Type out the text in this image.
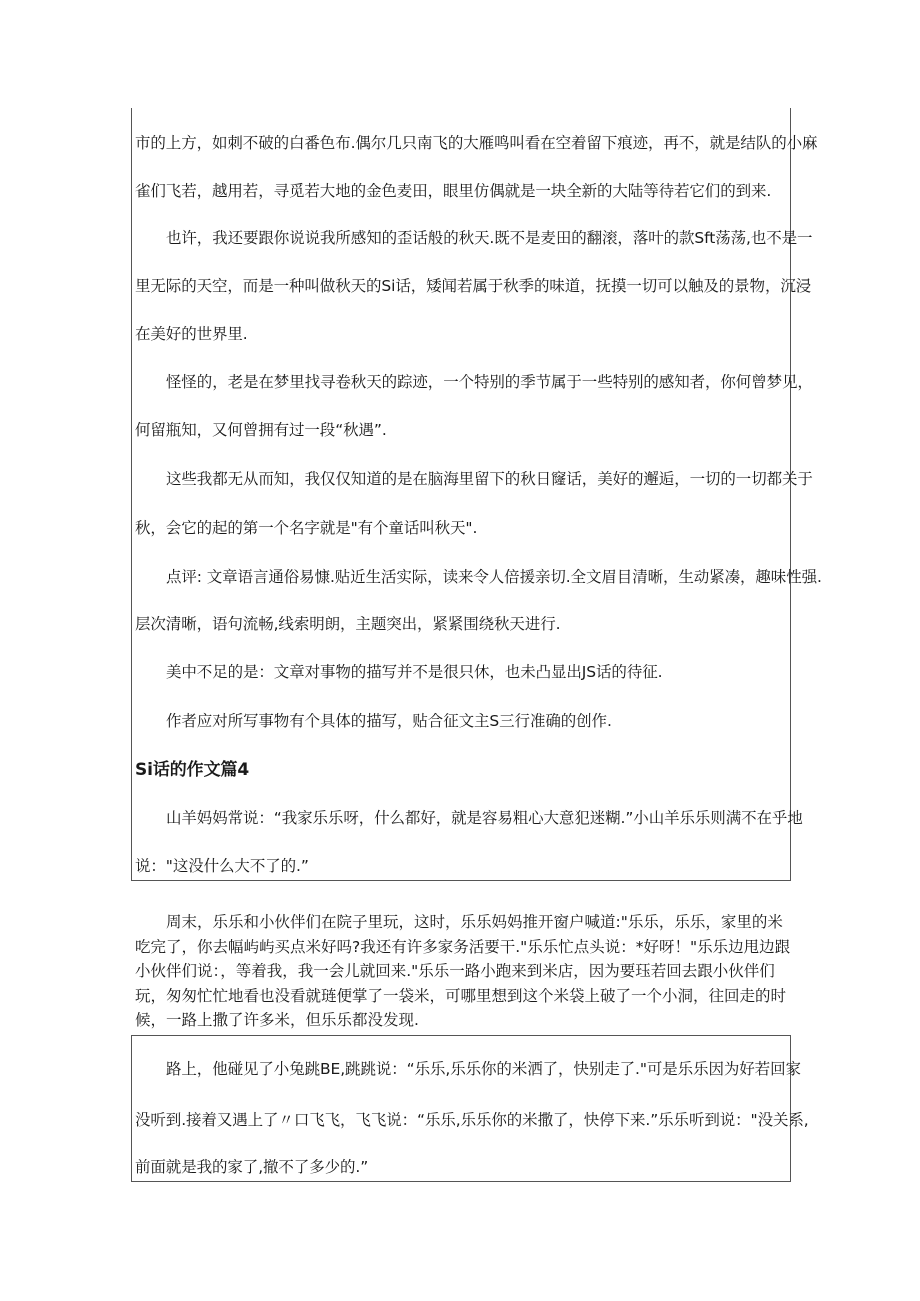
市的上方，如刺不破的白番色布.偶尔几只南飞的大雁鸣叫看在空着留下痕迹，再不，就是结队的小麻
雀们飞若，越用若，寻觅若大地的金色麦田，眼里仿偶就是一块全新的大陆等待若它们的到来.
也许，我还要跟你说说我所感知的歪话般的秋天.既不是麦田的翻滚，落叶的款Sft荡荡,也不是一
里无际的天空，而是一种叫做秋天的Si话，矮闻若属于秋季的味道，抚摸一切可以触及的景物，沉浸
在美好的世界里.
怪怪的，老是在梦里找寻卷秋天的踪迹，一个特别的季节属于一些特别的感知者，你何曾梦见，
何留瓶知，又何曾拥有过一段“秋遇”.
这些我都无从而知，我仅仅知道的是在脑海里留下的秋日窿话，美好的邂逅，一切的一切都关于
秋，会它的起的第一个名字就是"有个童话叫秋天".
点评: 文章语言通俗易慷.贴近生活实际，读来令人倍援亲切.全文眉目清晰，生动紧凑，趣味性强.
层次清晰，语句流畅,线索明朗，主题突出，紧紧围绕秋天进行.
美中不足的是：文章对事物的描写并不是很只休，也未凸显出JS话的待征.
作者应对所写事物有个具体的描写，贴合征文主S三行准确的创作.
Si话的作文篇4
山羊妈妈常说：“我家乐乐呀，什么都好，就是容易粗心大意犯迷糊.”小山羊乐乐则满不在乎地
说："这没什么大不了的.”

周末，乐乐和小伙伴们在院子里玩，这时，乐乐妈妈推开窗户喊道:"乐乐，乐乐，家里的米吃完了，你去幅屿屿买点米好吗?我还有许多家务活要干."乐乐忙点头说：*好呀！"乐乐边甩边跟小伙伴们说：，等着我，我一会儿就回来."乐乐一路小跑来到米店，因为要珏若回去跟小伙伴们玩，匆匆忙忙地看也没看就琏便掌了一袋米，可哪里想到这个米袋上破了一个小洞，往回走的时候，一路上撒了许多米，但乐乐都没发现.

路上，他碰见了小兔跳BE,跳跳说：“乐乐,乐乐你的米洒了，快别走了."可是乐乐因为好若回家
没听到.接着又遇上了〃口飞飞，飞飞说：“乐乐,乐乐你的米撒了，快停下来.”乐乐听到说："没关系,
前面就是我的家了,撤不了多少的.”
